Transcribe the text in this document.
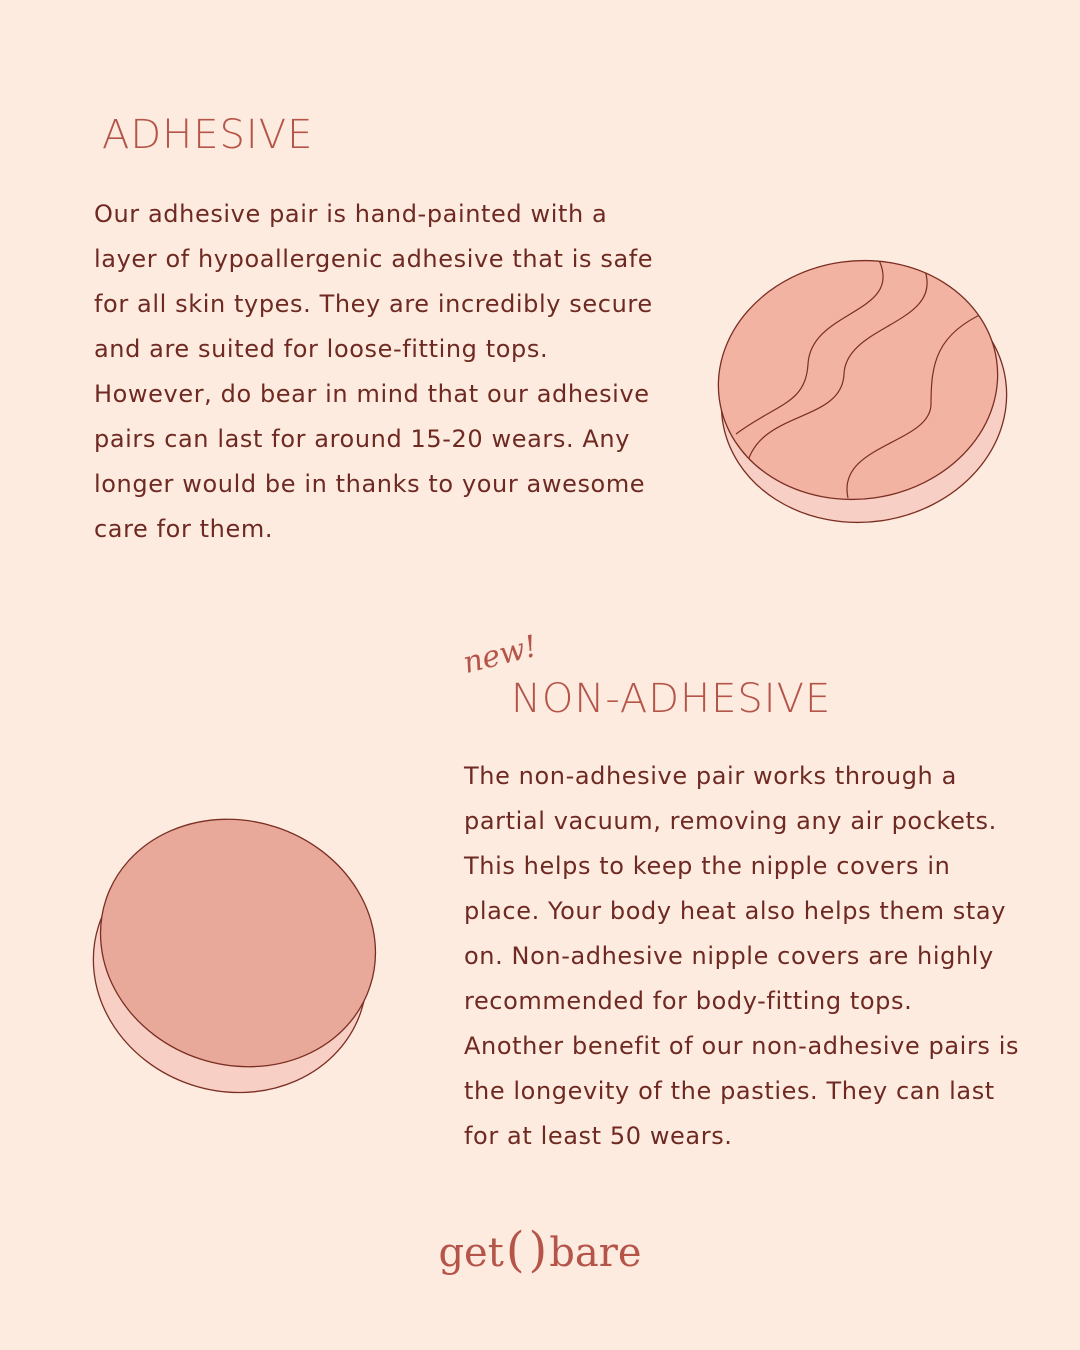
ADHESIVE
Our adhesive pair is hand-painted with a
layer of hypoallergenic adhesive that is safe
for all skin types. They are incredibly secure
and are suited for loose-fitting tops.
However, do bear in mind that our adhesive
pairs can last for around 15-20 wears. Any
longer would be in thanks to your awesome
care for them.
new!
NON-ADHESIVE
The non-adhesive pair works through a
partial vacuum, removing any air pockets.
This helps to keep the nipple covers in
place. Your body heat also helps them stay
on. Non-adhesive nipple covers are highly
recommended for body-fitting tops.
Another benefit of our non-adhesive pairs is
the longevity of the pasties. They can last
for at least 50 wears.
get()bare
